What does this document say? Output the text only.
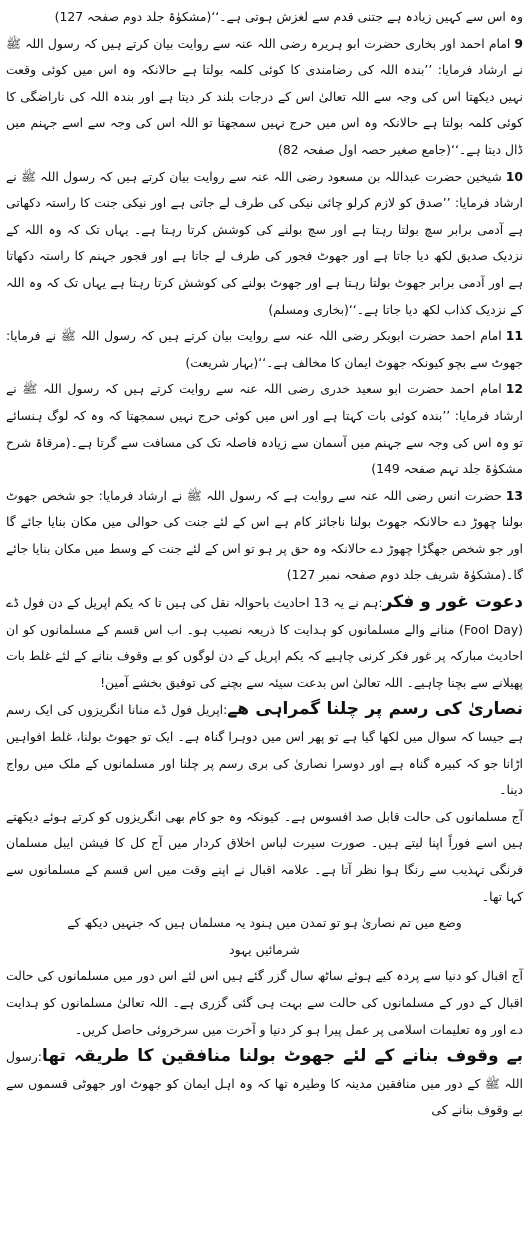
وہ اس سے کہیں زیادہ ہے جتنی قدم سے لغزش ہوتی ہے۔‘‘(مشکوٰۃ جلد دوم صفحہ 127)

9امام احمد اور بخاری حضرت ابو ہریرہ رضی اللہ عنہ سے روایت بیان کرتے ہیں کہ رسول اللہ ﷺ نے ارشاد فرمایا: ’’بندہ اللہ کی رضامندی کا کوئی کلمہ بولتا ہے حالانکہ وہ اس میں کوئی وقعت نہیں دیکھتا اس کی وجہ سے اللہ تعالیٰ اس کے درجات بلند کر دیتا ہے اور بندہ اللہ کی ناراضگی کا کوئی کلمہ بولتا ہے حالانکہ وہ اس میں حرج نہیں سمجھتا تو اللہ اس کی وجہ سے اسے جہنم میں ڈال دیتا ہے۔‘‘(جامع صغیر حصہ اول صفحہ 82)

10شیخین حضرت عبداللہ بن مسعود رضی اللہ عنہ سے روایت بیان کرتے ہیں کہ رسول اللہ ﷺ نے ارشاد فرمایا: ’’صدق کو لازم کرلو چائی نیکی کی طرف لے جاتی ہے اور نیکی جنت کا راستہ دکھاتی ہے آدمی برابر سچ بولتا رہتا ہے اور سچ بولنے کی کوشش کرتا رہتا ہے۔ یہاں تک کہ وہ اللہ کے نزدیک صدیق لکھ دیا جاتا ہے اور جھوٹ فجور کی طرف لے جاتا ہے اور فجور جہنم کا راستہ دکھاتا ہے اور آدمی برابر جھوٹ بولتا رہتا ہے اور جھوٹ بولنے کی کوشش کرتا رہتا ہے یہاں تک کہ وہ اللہ کے نزدیک کذاب لکھ دیا جاتا ہے۔‘‘(بخاری ومسلم)

11امام احمد حضرت ابوبکر رضی اللہ عنہ سے روایت بیان کرتے ہیں کہ رسول اللہ ﷺ نے فرمایا: جھوٹ سے بچو کیونکہ جھوٹ ایمان کا مخالف ہے۔‘‘(بہار شریعت)

12امام احمد حضرت ابو سعید خدری رضی اللہ عنہ سے روایت کرتے ہیں کہ رسول اللہ ﷺ نے ارشاد فرمایا: ’’بندہ کوئی بات کہتا ہے اور اس میں کوئی حرج نہیں سمجھتا کہ وہ کہ لوگ ہنسائے تو وہ اس کی وجہ سے جہنم میں آسمان سے زیادہ فاصلہ تک کی مسافت سے گرتا ہے۔(مرقاۃ شرح مشکوٰۃ جلد نہم صفحہ 149)

13حضرت انس رضی اللہ عنہ سے روایت ہے کہ رسول اللہ ﷺ نے ارشاد فرمایا: جو شخص جھوٹ بولنا چھوڑ دے حالانکہ جھوٹ بولنا ناجائز کام ہے اس کے لئے جنت کی حوالی میں مکان بنایا جائے گا اور جو شخص جھگڑا چھوڑ دے حالانکہ وہ حق پر ہو تو اس کے لئے جنت کے وسط میں مکان بنایا جائے گا۔(مشکوٰۃ شریف جلد دوم صفحہ نمبر 127)

دعوت غور و فکر:ہم نے یہ 13 احادیث باحوالہ نقل کی ہیں تا کہ یکم اپریل کے دن فول ڈے (Fool Day) منانے والے مسلمانوں کو ہدایت کا ذریعہ نصیب ہو۔ اب اس قسم کے مسلمانوں کو ان احادیث مبارکہ پر غور فکر کرنی چاہیے کہ یکم اپریل کے دن لوگوں کو بے وقوف بنانے کے لئے غلط بات پھیلانے سے بچنا چاہیے۔ اللہ تعالیٰ اس بدعت سیئہ سے بچنے کی توفیق بخشے آمین!

نصاریٰ کی رسم پر چلنا گمراہی ھے:اپریل فول ڈے منانا انگریزوں کی ایک رسم ہے جیسا کہ سوال میں لکھا گیا ہے تو پھر اس میں دوہرا گناہ ہے۔ ایک تو جھوٹ بولنا، غلط افواہیں اڑانا جو کہ کبیرہ گناہ ہے اور دوسرا نصاریٰ کی بری رسم پر چلنا اور مسلمانوں کے ملک میں رواج دینا۔

آج مسلمانوں کی حالت قابل صد افسوس ہے۔ کیونکہ وہ جو کام بھی انگریزوں کو کرتے ہوئے دیکھتے ہیں اسے فوراً اپنا لیتے ہیں۔ صورت سیرت لباس اخلاق کردار میں آج کل کا فیشن ایبل مسلمان فرنگی تہذیب سے رنگا ہوا نظر آتا ہے۔ علامہ اقبال نے اپنے وقت میں اس قسم کے مسلمانوں سے کہا تھا۔

وضع میں تم نصاریٰ ہو تو تمدن میں ہنود یہ مسلماں ہیں کہ جنہیں دیکھ کے

شرمائیں یہود

آج اقبال کو دنیا سے پردہ کیے ہوئے ساٹھ سال گزر گئے ہیں اس لئے اس دور میں مسلمانوں کی حالت اقبال کے دور کے مسلمانوں کی حالت سے بہت ہی گئی گزری ہے۔ اللہ تعالیٰ مسلمانوں کو ہدایت دے اور وہ تعلیمات اسلامی پر عمل پیرا ہو کر دنیا و آخرت میں سرخروئی حاصل کریں۔

بے وقوف بنانے کے لئے جھوٹ بولنا منافقین کا طریقہ تھا:رسول اللہ ﷺ کے دور میں منافقین مدینہ کا وطیرہ تھا کہ وہ اہل ایمان کو جھوٹ اور جھوٹی قسموں سے بے وقوف بنانے کی
